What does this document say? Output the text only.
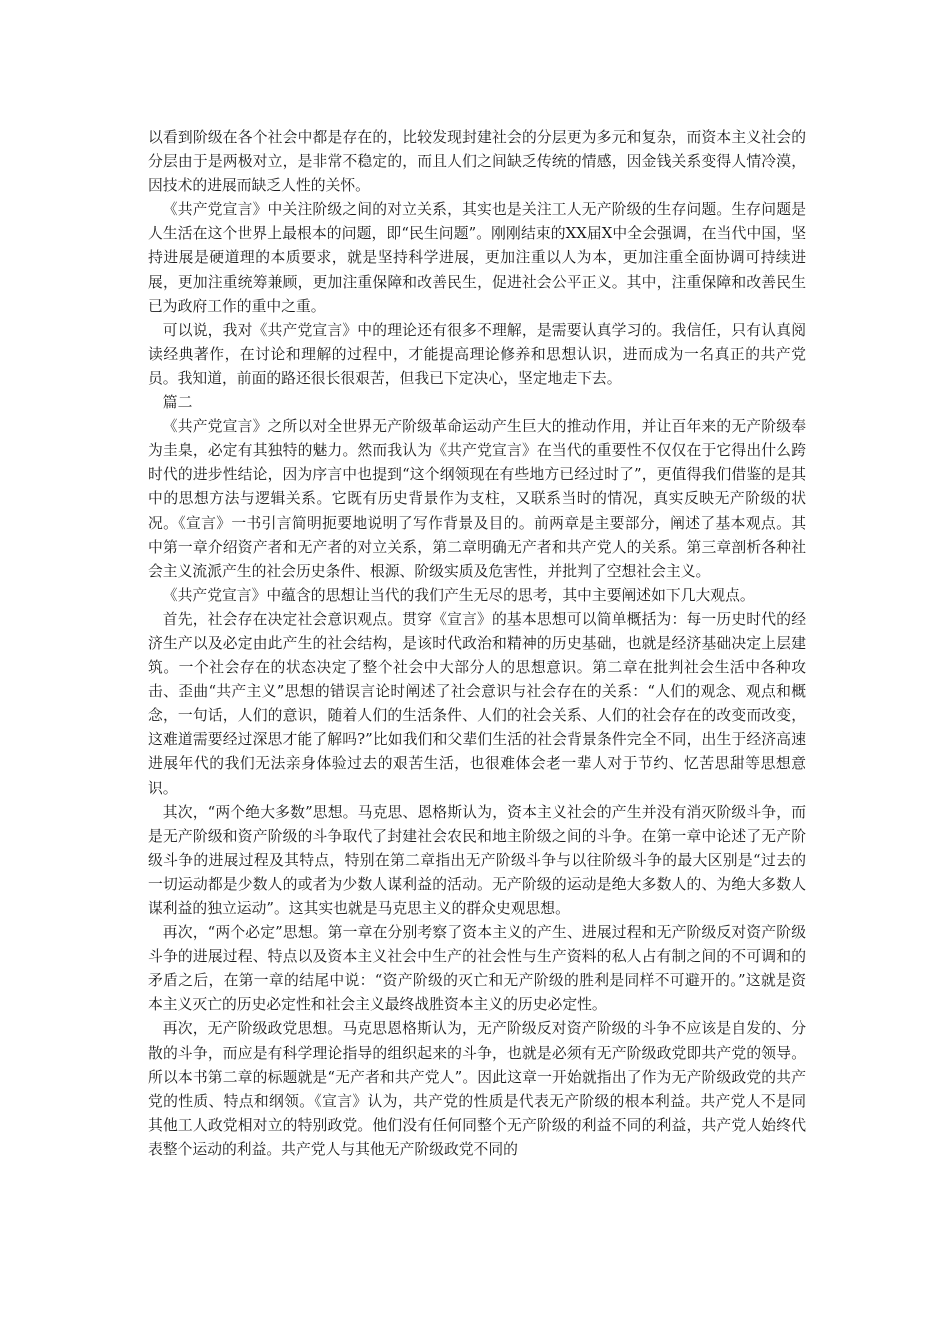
以看到阶级在各个社会中都是存在的，比较发现封建社会的分层更为多元和复杂，而资本主义社会的分层由于是两极对立，是非常不稳定的，而且人们之间缺乏传统的情感，因金钱关系变得人情冷漠，因技术的进展而缺乏人性的关怀。

《共产党宣言》中关注阶级之间的对立关系，其实也是关注工人无产阶级的生存问题。生存问题是人生活在这个世界上最根本的问题，即“民生问题”。刚刚结束的XX届X中全会强调，在当代中国，坚持进展是硬道理的本质要求，就是坚持科学进展，更加注重以人为本，更加注重全面协调可持续进展，更加注重统筹兼顾，更加注重保障和改善民生，促进社会公平正义。其中，注重保障和改善民生已为政府工作的重中之重。

可以说，我对《共产党宣言》中的理论还有很多不理解，是需要认真学习的。我信任，只有认真阅读经典著作，在讨论和理解的过程中，才能提高理论修养和思想认识，进而成为一名真正的共产党员。我知道，前面的路还很长很艰苦，但我已下定决心，坚定地走下去。

篇二

《共产党宣言》之所以对全世界无产阶级革命运动产生巨大的推动作用，并让百年来的无产阶级奉为圭臬，必定有其独特的魅力。然而我认为《共产党宣言》在当代的重要性不仅仅在于它得出什么跨时代的进步性结论，因为序言中也提到“这个纲领现在有些地方已经过时了”，更值得我们借鉴的是其中的思想方法与逻辑关系。它既有历史背景作为支柱，又联系当时的情况，真实反映无产阶级的状况。《宣言》一书引言简明扼要地说明了写作背景及目的。前两章是主要部分，阐述了基本观点。其中第一章介绍资产者和无产者的对立关系，第二章明确无产者和共产党人的关系。第三章剖析各种社会主义流派产生的社会历史条件、根源、阶级实质及危害性，并批判了空想社会主义。

《共产党宣言》中蕴含的思想让当代的我们产生无尽的思考，其中主要阐述如下几大观点。

首先，社会存在决定社会意识观点。贯穿《宣言》的基本思想可以简单概括为：每一历史时代的经济生产以及必定由此产生的社会结构，是该时代政治和精神的历史基础，也就是经济基础决定上层建筑。一个社会存在的状态决定了整个社会中大部分人的思想意识。第二章在批判社会生活中各种攻击、歪曲“共产主义”思想的错误言论时阐述了社会意识与社会存在的关系：“人们的观念、观点和概念，一句话，人们的意识，随着人们的生活条件、人们的社会关系、人们的社会存在的改变而改变，这难道需要经过深思才能了解吗?”比如我们和父辈们生活的社会背景条件完全不同，出生于经济高速进展年代的我们无法亲身体验过去的艰苦生活，也很难体会老一辈人对于节约、忆苦思甜等思想意识。

其次，“两个绝大多数”思想。马克思、恩格斯认为，资本主义社会的产生并没有消灭阶级斗争，而是无产阶级和资产阶级的斗争取代了封建社会农民和地主阶级之间的斗争。在第一章中论述了无产阶级斗争的进展过程及其特点，特别在第二章指出无产阶级斗争与以往阶级斗争的最大区别是“过去的一切运动都是少数人的或者为少数人谋利益的活动。无产阶级的运动是绝大多数人的、为绝大多数人谋利益的独立运动”。这其实也就是马克思主义的群众史观思想。

再次，“两个必定”思想。第一章在分别考察了资本主义的产生、进展过程和无产阶级反对资产阶级斗争的进展过程、特点以及资本主义社会中生产的社会性与生产资料的私人占有制之间的不可调和的矛盾之后，在第一章的结尾中说：“资产阶级的灭亡和无产阶级的胜利是同样不可避开的。”这就是资本主义灭亡的历史必定性和社会主义最终战胜资本主义的历史必定性。

再次，无产阶级政党思想。马克思恩格斯认为，无产阶级反对资产阶级的斗争不应该是自发的、分散的斗争，而应是有科学理论指导的组织起来的斗争，也就是必须有无产阶级政党即共产党的领导。所以本书第二章的标题就是“无产者和共产党人”。因此这章一开始就指出了作为无产阶级政党的共产党的性质、特点和纲领。《宣言》认为，共产党的性质是代表无产阶级的根本利益。共产党人不是同其他工人政党相对立的特别政党。他们没有任何同整个无产阶级的利益不同的利益，共产党人始终代表整个运动的利益。共产党人与其他无产阶级政党不同的
